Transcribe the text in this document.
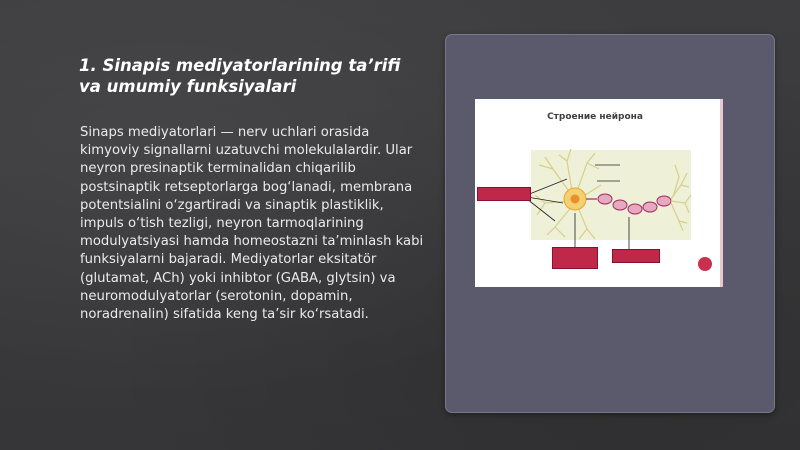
1. Sinapis mediyatorlarining ta’rifi va umumiy funksiyalari
Sinaps mediyatorlari — nerv uchlari orasida kimyoviy signallarni uzatuvchi molekulalardir. Ular neyron presinaptik terminalidan chiqarilib postsinaptik retseptorlarga bog‘lanadi, membrana potentsialini o‘zgartiradi va sinaptik plastiklik, impuls o‘tish tezligi, neyron tarmoqlarining modulyatsiyasi hamda homeostazni ta’minlash kabi funksiyalarni bajaradi. Mediyatorlar eksitatör (glutamat, ACh) yoki inhibtor (GABA, glytsin) va neuromodulyatorlar (serotonin, dopamin, noradrenalin) sifatida keng ta’sir ko‘rsatadi.
Строение нейрона
